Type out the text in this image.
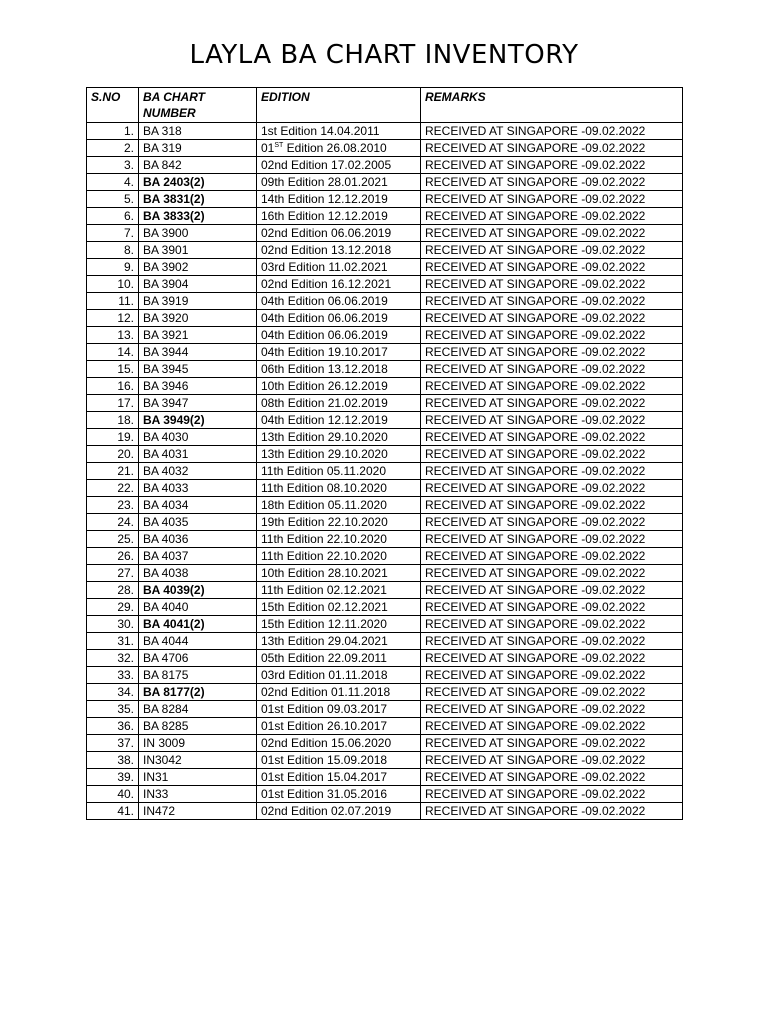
LAYLA BA CHART INVENTORY
S.NO	BA CHART NUMBER	EDITION	REMARKS
1.	BA 318	1st Edition 14.04.2011	RECEIVED AT SINGAPORE -09.02.2022
2.	BA 319	01ST Edition 26.08.2010	RECEIVED AT SINGAPORE -09.02.2022
3.	BA 842	02nd Edition 17.02.2005	RECEIVED AT SINGAPORE -09.02.2022
4.	BA 2403(2)	09th Edition 28.01.2021	RECEIVED AT SINGAPORE -09.02.2022
5.	BA 3831(2)	14th Edition 12.12.2019	RECEIVED AT SINGAPORE -09.02.2022
6.	BA 3833(2)	16th Edition 12.12.2019	RECEIVED AT SINGAPORE -09.02.2022
7.	BA 3900	02nd Edition 06.06.2019	RECEIVED AT SINGAPORE -09.02.2022
8.	BA 3901	02nd Edition 13.12.2018	RECEIVED AT SINGAPORE -09.02.2022
9.	BA 3902	03rd Edition 11.02.2021	RECEIVED AT SINGAPORE -09.02.2022
10.	BA 3904	02nd Edition 16.12.2021	RECEIVED AT SINGAPORE -09.02.2022
11.	BA 3919	04th Edition 06.06.2019	RECEIVED AT SINGAPORE -09.02.2022
12.	BA 3920	04th Edition 06.06.2019	RECEIVED AT SINGAPORE -09.02.2022
13.	BA 3921	04th Edition 06.06.2019	RECEIVED AT SINGAPORE -09.02.2022
14.	BA 3944	04th Edition 19.10.2017	RECEIVED AT SINGAPORE -09.02.2022
15.	BA 3945	06th Edition 13.12.2018	RECEIVED AT SINGAPORE -09.02.2022
16.	BA 3946	10th Edition 26.12.2019	RECEIVED AT SINGAPORE -09.02.2022
17.	BA 3947	08th Edition 21.02.2019	RECEIVED AT SINGAPORE -09.02.2022
18.	BA 3949(2)	04th Edition 12.12.2019	RECEIVED AT SINGAPORE -09.02.2022
19.	BA 4030	13th Edition 29.10.2020	RECEIVED AT SINGAPORE -09.02.2022
20.	BA 4031	13th Edition 29.10.2020	RECEIVED AT SINGAPORE -09.02.2022
21.	BA 4032	11th Edition 05.11.2020	RECEIVED AT SINGAPORE -09.02.2022
22.	BA 4033	11th Edition 08.10.2020	RECEIVED AT SINGAPORE -09.02.2022
23.	BA 4034	18th Edition 05.11.2020	RECEIVED AT SINGAPORE -09.02.2022
24.	BA 4035	19th Edition 22.10.2020	RECEIVED AT SINGAPORE -09.02.2022
25.	BA 4036	11th Edition 22.10.2020	RECEIVED AT SINGAPORE -09.02.2022
26.	BA 4037	11th Edition 22.10.2020	RECEIVED AT SINGAPORE -09.02.2022
27.	BA 4038	10th Edition 28.10.2021	RECEIVED AT SINGAPORE -09.02.2022
28.	BA 4039(2)	11th Edition 02.12.2021	RECEIVED AT SINGAPORE -09.02.2022
29.	BA 4040	15th Edition 02.12.2021	RECEIVED AT SINGAPORE -09.02.2022
30.	BA 4041(2)	15th Edition 12.11.2020	RECEIVED AT SINGAPORE -09.02.2022
31.	BA 4044	13th Edition 29.04.2021	RECEIVED AT SINGAPORE -09.02.2022
32.	BA 4706	05th Edition 22.09.2011	RECEIVED AT SINGAPORE -09.02.2022
33.	BA 8175	03rd Edition 01.11.2018	RECEIVED AT SINGAPORE -09.02.2022
34.	BA 8177(2)	02nd Edition 01.11.2018	RECEIVED AT SINGAPORE -09.02.2022
35.	BA 8284	01st Edition 09.03.2017	RECEIVED AT SINGAPORE -09.02.2022
36.	BA 8285	01st Edition 26.10.2017	RECEIVED AT SINGAPORE -09.02.2022
37.	IN 3009	02nd Edition 15.06.2020	RECEIVED AT SINGAPORE -09.02.2022
38.	IN3042	01st Edition 15.09.2018	RECEIVED AT SINGAPORE -09.02.2022
39.	IN31	01st Edition 15.04.2017	RECEIVED AT SINGAPORE -09.02.2022
40.	IN33	01st Edition 31.05.2016	RECEIVED AT SINGAPORE -09.02.2022
41.	IN472	02nd Edition 02.07.2019	RECEIVED AT SINGAPORE -09.02.2022
